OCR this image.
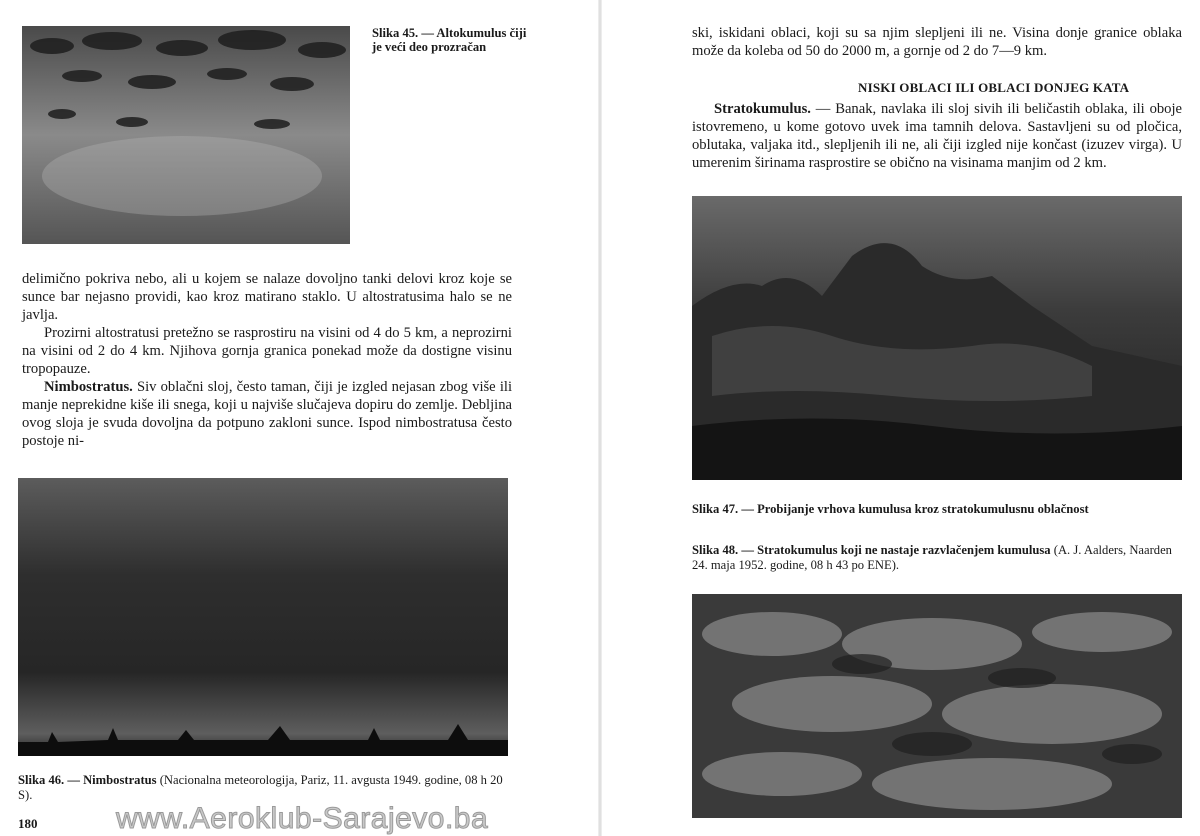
Slika 45. — Altokumulus čiji je veći deo prozračan

delimično pokriva nebo, ali u kojem se nalaze dovoljno tanki delovi kroz koje se sunce bar nejasno providi, kao kroz matirano staklo. U altostratusima halo se ne javlja.

Prozirni altostratusi pretežno se rasprostiru na visini od 4 do 5 km, a neprozirni na visini od 2 do 4 km. Njihova gornja granica ponekad može da dostigne visinu tropopauze.

Nimbostratus. Siv oblačni sloj, često taman, čiji je izgled nejasan zbog više ili manje neprekidne kiše ili snega, koji u najviše slučajeva dopiru do zemlje. Debljina ovog sloja je svuda dovoljna da potpuno zakloni sunce. Ispod nimbostratusa često postoje ni-

Slika 46. — Nimbostratus (Nacionalna meteorologija, Pariz, 11. avgusta 1949. godine, 08 h 20 S).
180

ski, iskidani oblaci, koji su sa njim slepljeni ili ne. Visina donje granice oblaka može da koleba od 50 do 2000 m, a gornje od 2 do 7—9 km.

NISKI OBLACI ILI OBLACI DONJEG KATA

Stratokumulus. — Banak, navlaka ili sloj sivih ili beličastih oblaka, ili oboje istovremeno, u kome gotovo uvek ima tamnih delova. Sastavljeni su od pločica, oblutaka, valjaka itd., slepljenih ili ne, ali čiji izgled nije končast (izuzev virga). U umerenim širinama rasprostire se obično na visinama manjim od 2 km.

Slika 47. — Probijanje vrhova kumulusa kroz stratokumulusnu oblačnost
Slika 48. — Stratokumulus koji ne nastaje razvlačenjem kumulusa (A. J. Aalders, Naarden 24. maja 1952. godine, 08 h 43 po ENE).
www.Aeroklub-Sarajevo.ba
